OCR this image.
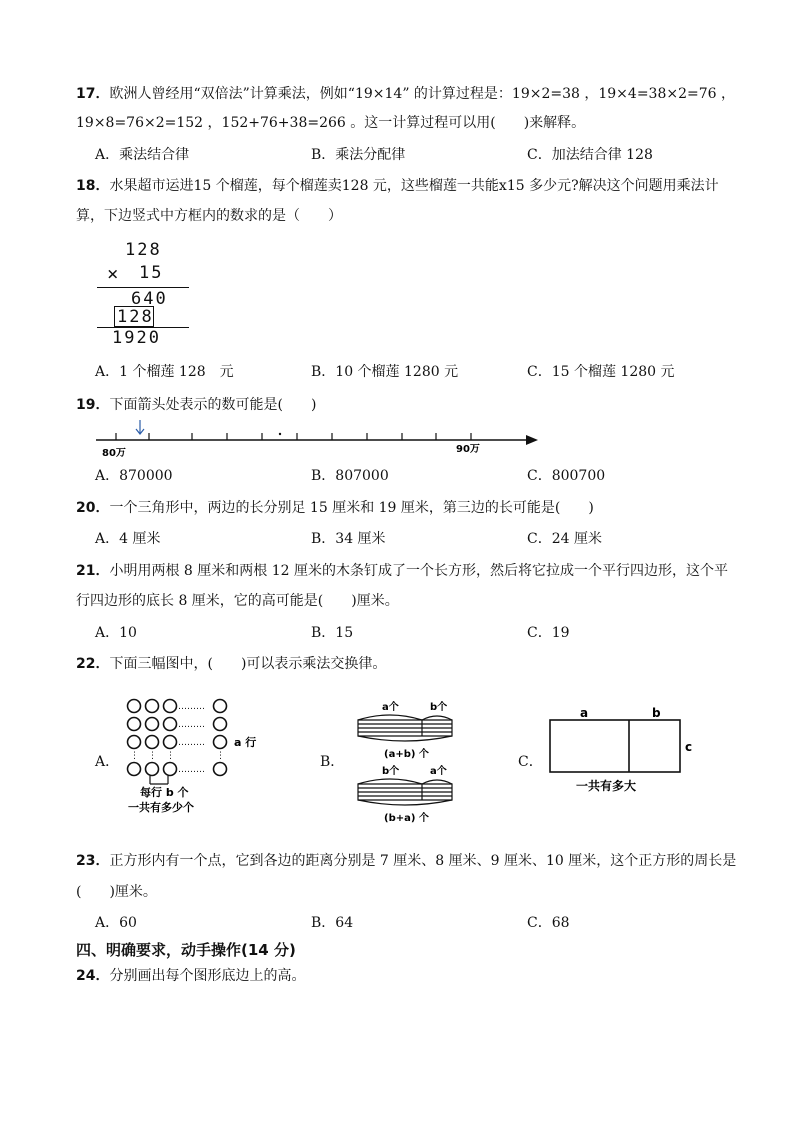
17．欧洲人曾经用“双倍法”计算乘法，例如“19×14” 的计算过程是：19×2=38 ，19×4=38×2=76 ，
19×8=76×2=152 ，152+76+38=266 。这一计算过程可以用(　　)来解释。
A．乘法结合律	B．乘法分配律	C．加法结合律 128
18．水果超市运进15 个榴莲，每个榴莲卖128 元，这些榴莲一共能x15 多少元?解决这个问题用乘法计
算，下边竖式中方框内的数求的是（　　）
128
× 15
640
128
1920
A．1 个榴莲 128　元	B．10 个榴莲 1280 元	C．15 个榴莲 1280 元
19．下面箭头处表示的数可能是(　　)
80万	90万
A．870000	B．807000	C．800700
20．一个三角形中，两边的长分别足 15 厘米和 19 厘米，第三边的长可能是(　　)
A．4 厘米	B．34 厘米	C．24 厘米
21．小明用两根 8 厘米和两根 12 厘米的木条钉成了一个长方形，然后将它拉成一个平行四边形，这个平
行四边形的底长 8 厘米，它的高可能是(　　)厘米。
A．10	B．15	C．19
22．下面三幅图中，(　　)可以表示乘法交换律。
A．
………
………
………
………
⋮ ⋮ ⋮	⋮
a 行
每行 b 个
一共有多少个
B．
a个	b个
(a+b) 个
b个	a个
(b+a) 个
C．
a	b
c
一共有多大
23．正方形内有一个点，它到各边的距离分别是 7 厘米、8 厘米、9 厘米、10 厘米，这个正方形的周长是
(　　)厘米。
A．60	B．64	C．68
四、明确要求，动手操作(14 分)
24．分别画出每个图形底边上的高。
